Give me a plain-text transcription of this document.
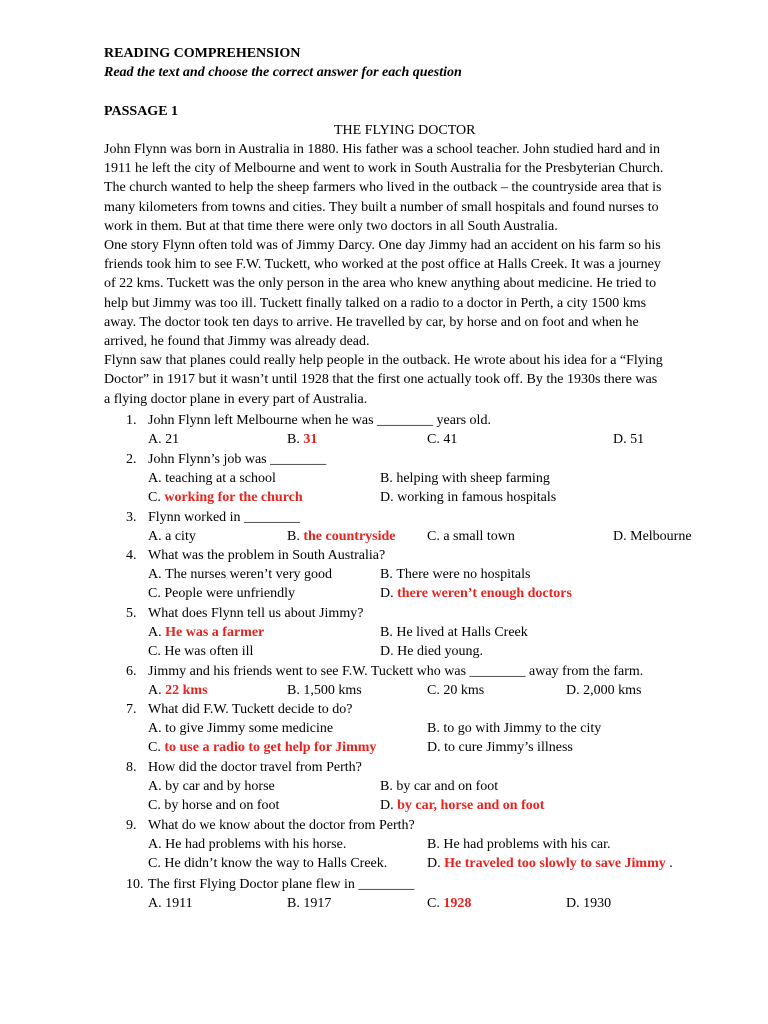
READING COMPREHENSION
Read the text and choose the correct answer for each question
PASSAGE 1
THE FLYING DOCTOR
John Flynn was born in Australia in 1880. His father was a school teacher. John studied hard and in
1911 he left the city of Melbourne and went to work in South Australia for the Presbyterian Church.
The church wanted to help the sheep farmers who lived in the outback – the countryside area that is
many kilometers from towns and cities. They built a number of small hospitals and found nurses to
work in them. But at that time there were only two doctors in all South Australia.
One story Flynn often told was of Jimmy Darcy. One day Jimmy had an accident on his farm so his
friends took him to see F.W. Tuckett, who worked at the post office at Halls Creek. It was a journey
of 22 kms. Tuckett was the only person in the area who knew anything about medicine. He tried to
help but Jimmy was too ill. Tuckett finally talked on a radio to a doctor in Perth, a city 1500 kms
away. The doctor took ten days to arrive. He travelled by car, by horse and on foot and when he
arrived, he found that Jimmy was already dead.
Flynn saw that planes could really help people in the outback. He wrote about his idea for a “Flying
Doctor” in 1917 but it wasn’t until 1928 that the first one actually took off. By the 1930s there was
a flying doctor plane in every part of Australia.
1. John Flynn left Melbourne when he was ________ years old.
A. 21	B. 31	C. 41	D. 51
2. John Flynn’s job was ________
A. teaching at a school	B. helping with sheep farming
C. working for the church	D. working in famous hospitals
3. Flynn worked in ________
A. a city	B. the countryside C. a small town	D. Melbourne
4. What was the problem in South Australia?
A. The nurses weren’t very good	B. There were no hospitals
C. People were unfriendly	D. there weren’t enough doctors
5. What does Flynn tell us about Jimmy?
A. He was a farmer	B. He lived at Halls Creek
C. He was often ill	D. He died young.
6. Jimmy and his friends went to see F.W. Tuckett who was ________ away from the farm.
A. 22 kms	B. 1,500 kms	C. 20 kms	D. 2,000 kms
7. What did F.W. Tuckett decide to do?
A. to give Jimmy some medicine	B. to go with Jimmy to the city
C. to use a radio to get help for Jimmy	D. to cure Jimmy’s illness
8. How did the doctor travel from Perth?
A. by car and by horse	B. by car and on foot
C. by horse and on foot	D. by car, horse and on foot
9. What do we know about the doctor from Perth?
A. He had problems with his horse.	B. He had problems with his car.
C. He didn’t know the way to Halls Creek.	D. He traveled too slowly to save Jimmy .
10. The first Flying Doctor plane flew in ________
A. 1911	B. 1917	C. 1928	D. 1930
